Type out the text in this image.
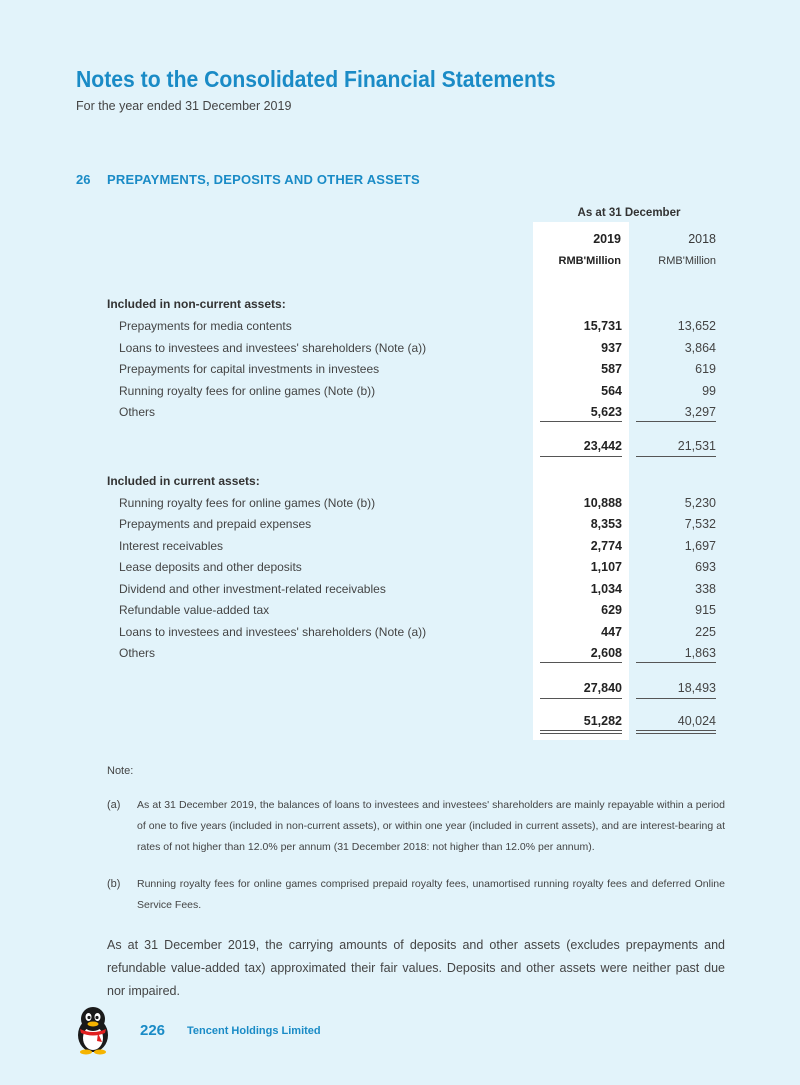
Notes to the Consolidated Financial Statements
For the year ended 31 December 2019
26 PREPAYMENTS, DEPOSITS AND OTHER ASSETS
As at 31 December
2019	2018
RMB'Million	RMB'Million
Included in non-current assets:
Prepayments for media contents	15,731	13,652
Loans to investees and investees' shareholders (Note (a))	937	3,864
Prepayments for capital investments in investees	587	619
Running royalty fees for online games (Note (b))	564	99
Others	5,623	3,297
23,442	21,531
Included in current assets:
Running royalty fees for online games (Note (b))	10,888	5,230
Prepayments and prepaid expenses	8,353	7,532
Interest receivables	2,774	1,697
Lease deposits and other deposits	1,107	693
Dividend and other investment-related receivables	1,034	338
Refundable value-added tax	629	915
Loans to investees and investees' shareholders (Note (a))	447	225
Others	2,608	1,863
27,840	18,493
51,282	40,024
Note:
(a) As at 31 December 2019, the balances of loans to investees and investees' shareholders are mainly repayable within a period of one to five years (included in non-current assets), or within one year (included in current assets), and are interest-bearing at rates of not higher than 12.0% per annum (31 December 2018: not higher than 12.0% per annum).
(b) Running royalty fees for online games comprised prepaid royalty fees, unamortised running royalty fees and deferred Online Service Fees.
As at 31 December 2019, the carrying amounts of deposits and other assets (excludes prepayments and refundable value-added tax) approximated their fair values. Deposits and other assets were neither past due nor impaired.
226 Tencent Holdings Limited
